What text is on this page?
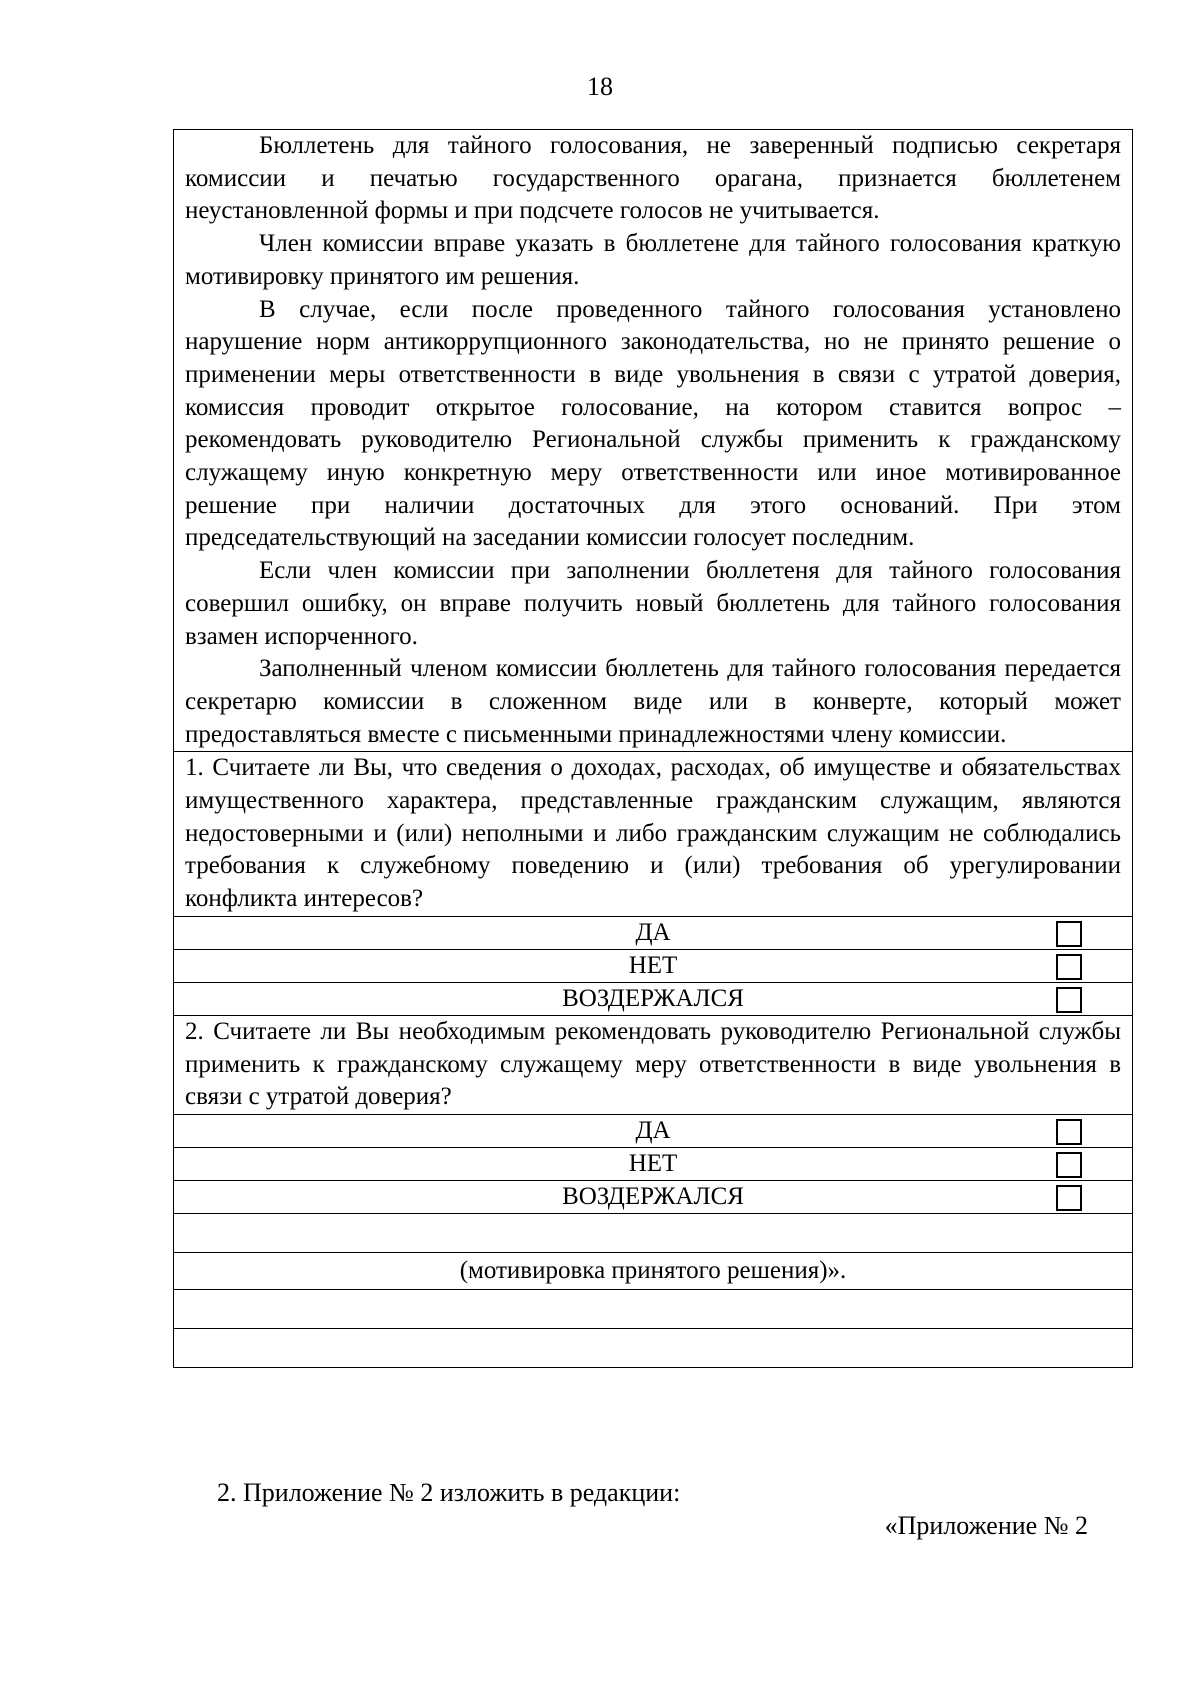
18

Бюллетень для тайного голосования, не заверенный подписью секретаря комиссии и печатью государственного орагана, признается бюллетенем неустановленной формы и при подсчете голосов не учитывается.

Член комиссии вправе указать в бюллетене для тайного голосования краткую мотивировку принятого им решения.

В случае, если после проведенного тайного голосования установлено нарушение норм антикоррупционного законодательства, но не принято решение о применении меры ответственности в виде увольнения в связи с утратой доверия, комиссия проводит открытое голосование, на котором ставится вопрос – рекомендовать руководителю Региональной службы применить к гражданскому служащему иную конкретную меру ответственности или иное мотивированное решение при наличии достаточных для этого оснований. При этом председательствующий на заседании комиссии голосует последним.

Если член комиссии при заполнении бюллетеня для тайного голосования совершил ошибку, он вправе получить новый бюллетень для тайного голосования взамен испорченного.

Заполненный членом комиссии бюллетень для тайного голосования передается секретарю комиссии в сложенном виде или в конверте, который может предоставляться вместе с письменными принадлежностями члену комиссии.

1. Считаете ли Вы, что сведения о доходах, расходах, об имуществе и обязательствах имущественного характера, представленные гражданским служащим, являются недостоверными и (или) неполными и либо гражданским служащим не соблюдались требования к служебному поведению и (или) требования об урегулировании конфликта интересов?

ДА

НЕТ

ВОЗДЕРЖАЛСЯ

2. Считаете ли Вы необходимым рекомендовать руководителю Региональной службы применить к гражданскому служащему меру ответственности в виде увольнения в связи с утратой доверия?

ДА

НЕТ

ВОЗДЕРЖАЛСЯ

(мотивировка принятого решения)».

2. Приложение № 2 изложить в редакции:
«Приложение № 2
